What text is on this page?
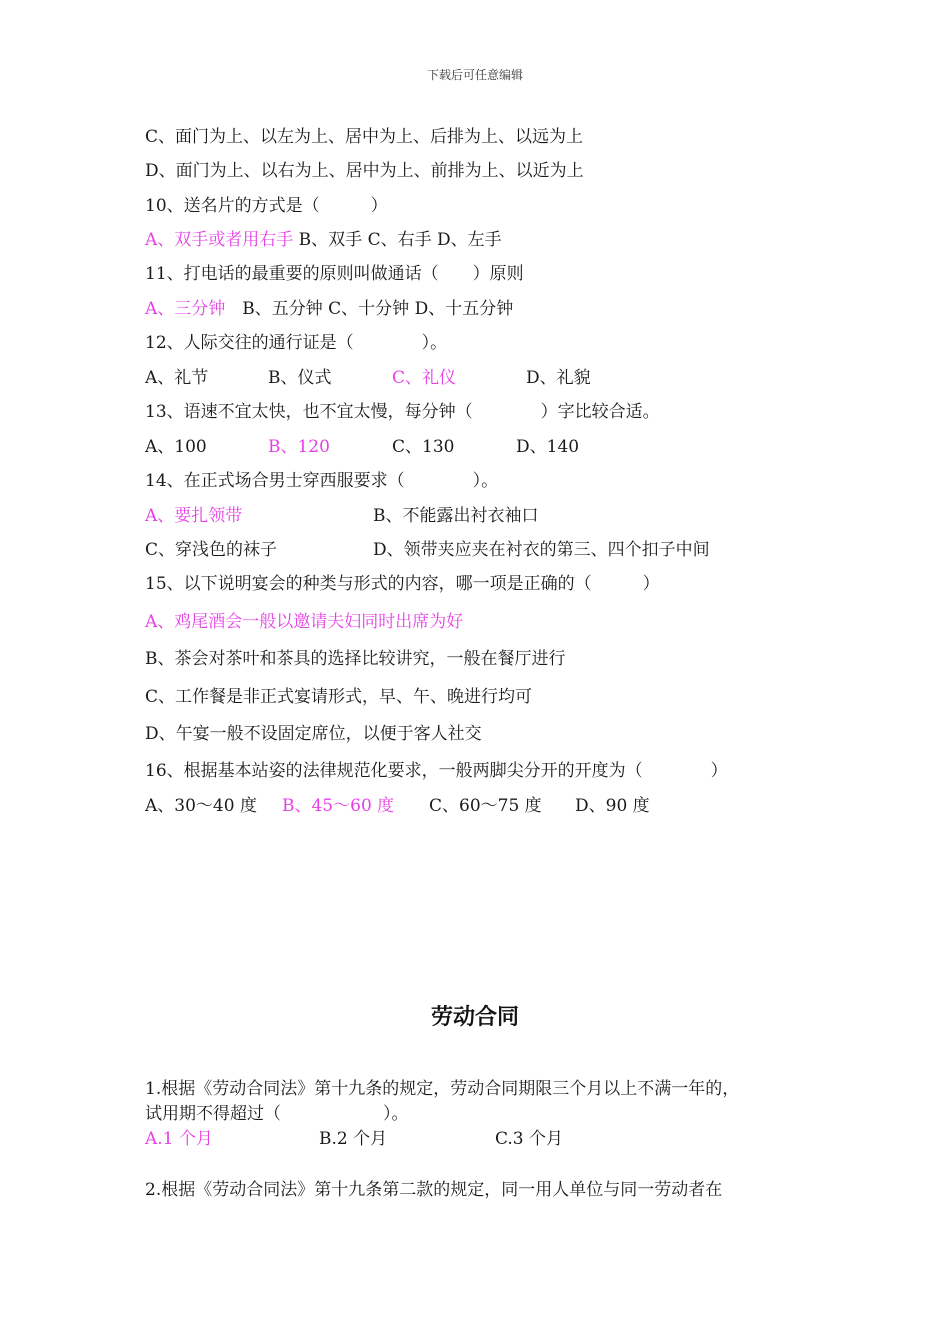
下载后可任意编辑
C、面门为上、以左为上、居中为上、后排为上、以远为上
D、面门为上、以右为上、居中为上、前排为上、以近为上
10、送名片的方式是（　　　）
A、双手或者用右手 B、双手 C、右手 D、左手
11、打电话的最重要的原则叫做通话（　　）原则
A、三分钟　B、五分钟 C、十分钟 D、十五分钟
12、人际交往的通行证是（　　　　）。
A、礼节	B、仪式	C、礼仪	D、礼貌
13、语速不宜太快，也不宜太慢，每分钟（　　　　）字比较合适。
A、100	B、120	C、130	D、140
14、在正式场合男士穿西服要求（　　　　）。
A、要扎领带	B、不能露出衬衣袖口
C、穿浅色的袜子	D、领带夹应夹在衬衣的第三、四个扣子中间
15、以下说明宴会的种类与形式的内容，哪一项是正确的（　　　）
A、鸡尾酒会一般以邀请夫妇同时出席为好
B、茶会对茶叶和茶具的选择比较讲究，一般在餐厅进行
C、工作餐是非正式宴请形式，早、午、晚进行均可
D、午宴一般不设固定席位，以便于客人社交
16、根据基本站姿的法律规范化要求，一般两脚尖分开的开度为（　　　　）
A、30～40 度 B、45～60 度 C、60～75 度 D、90 度
劳动合同
1.根据《劳动合同法》第十九条的规定，劳动合同期限三个月以上不满一年的，
试用期不得超过（　　　　　　）。
A.1 个月	B.2 个月	C.3 个月
2.根据《劳动合同法》第十九条第二款的规定，同一用人单位与同一劳动者在
